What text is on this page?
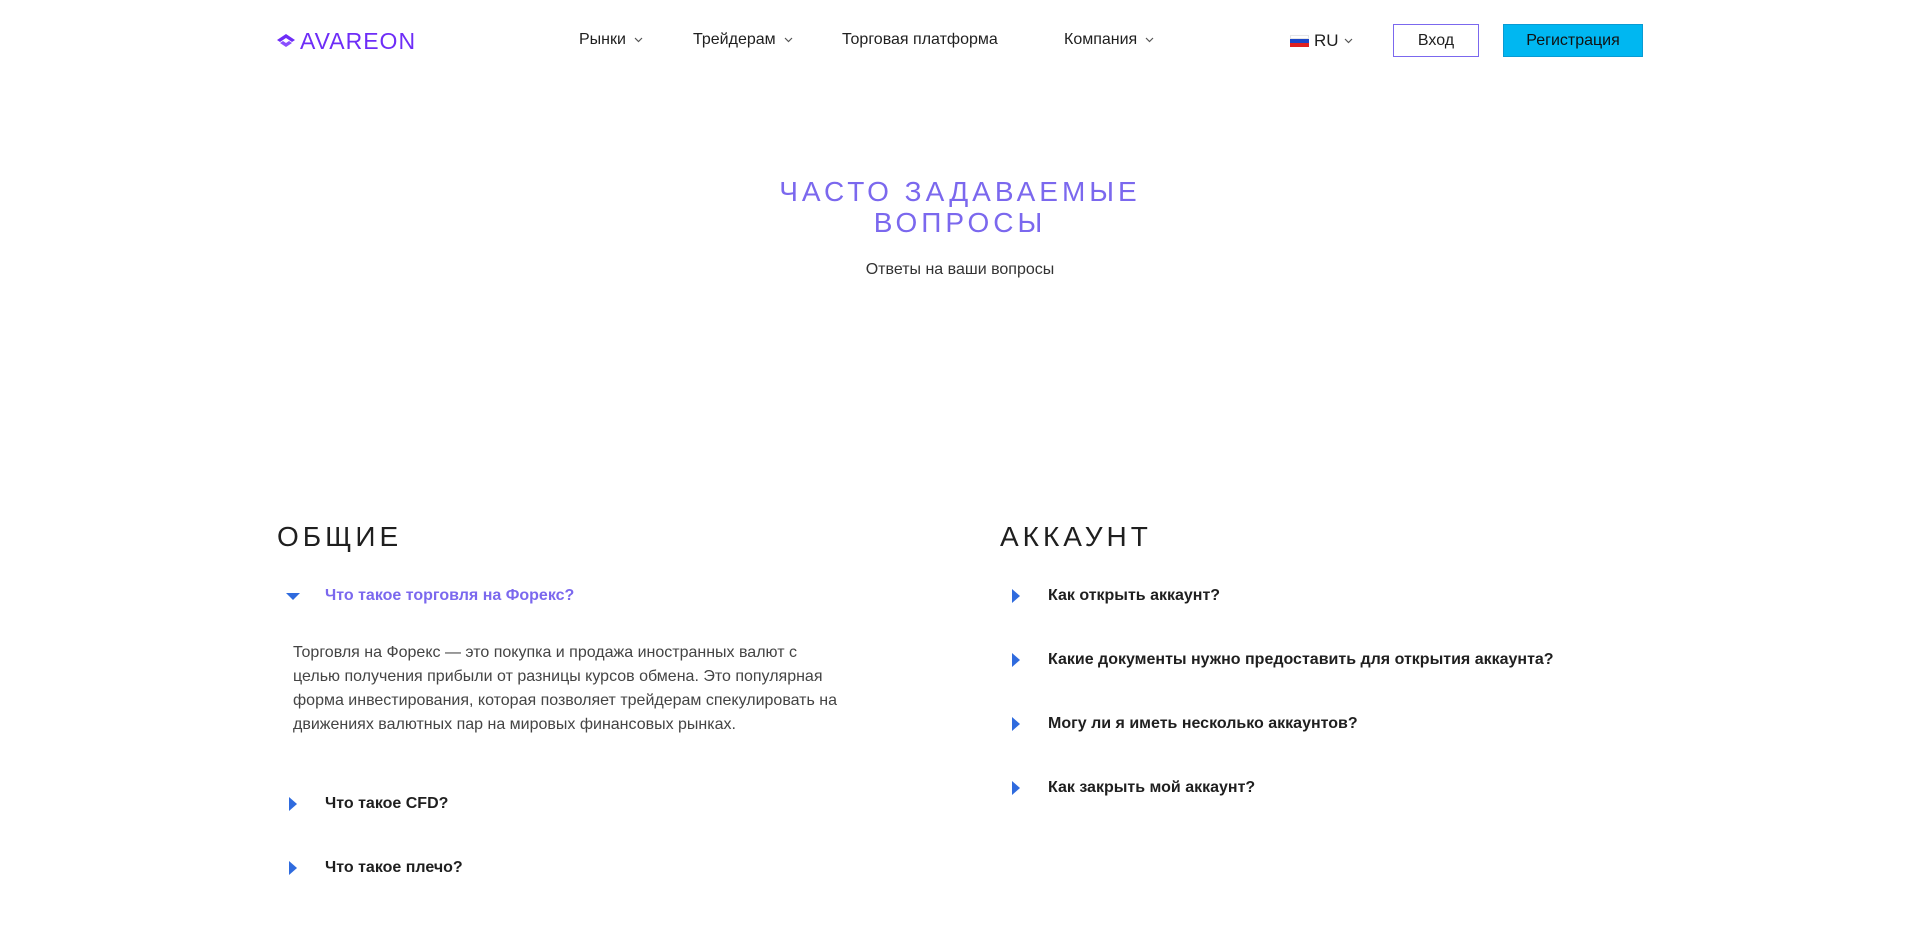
AVAREON	Рынки	Трейдерам	Торговая платформа	Компания	RU	Вход	Регистрация
ЧАСТО ЗАДАВАЕМЫЕ
ВОПРОСЫ
Ответы на ваши вопросы
ОБЩИЕ
Что такое торговля на Форекс?

Торговля на Форекс — это покупка и продажа иностранных валют с целью получения прибыли от разницы курсов обмена. Это популярная форма инвестирования, которая позволяет трейдерам спекулировать на движениях валютных пар на мировых финансовых рынках.

Что такое CFD?
Что такое плечо?
АККАУНТ
Как открыть аккаунт?
Какие документы нужно предоставить для открытия аккаунта?
Могу ли я иметь несколько аккаунтов?
Как закрыть мой аккаунт?
